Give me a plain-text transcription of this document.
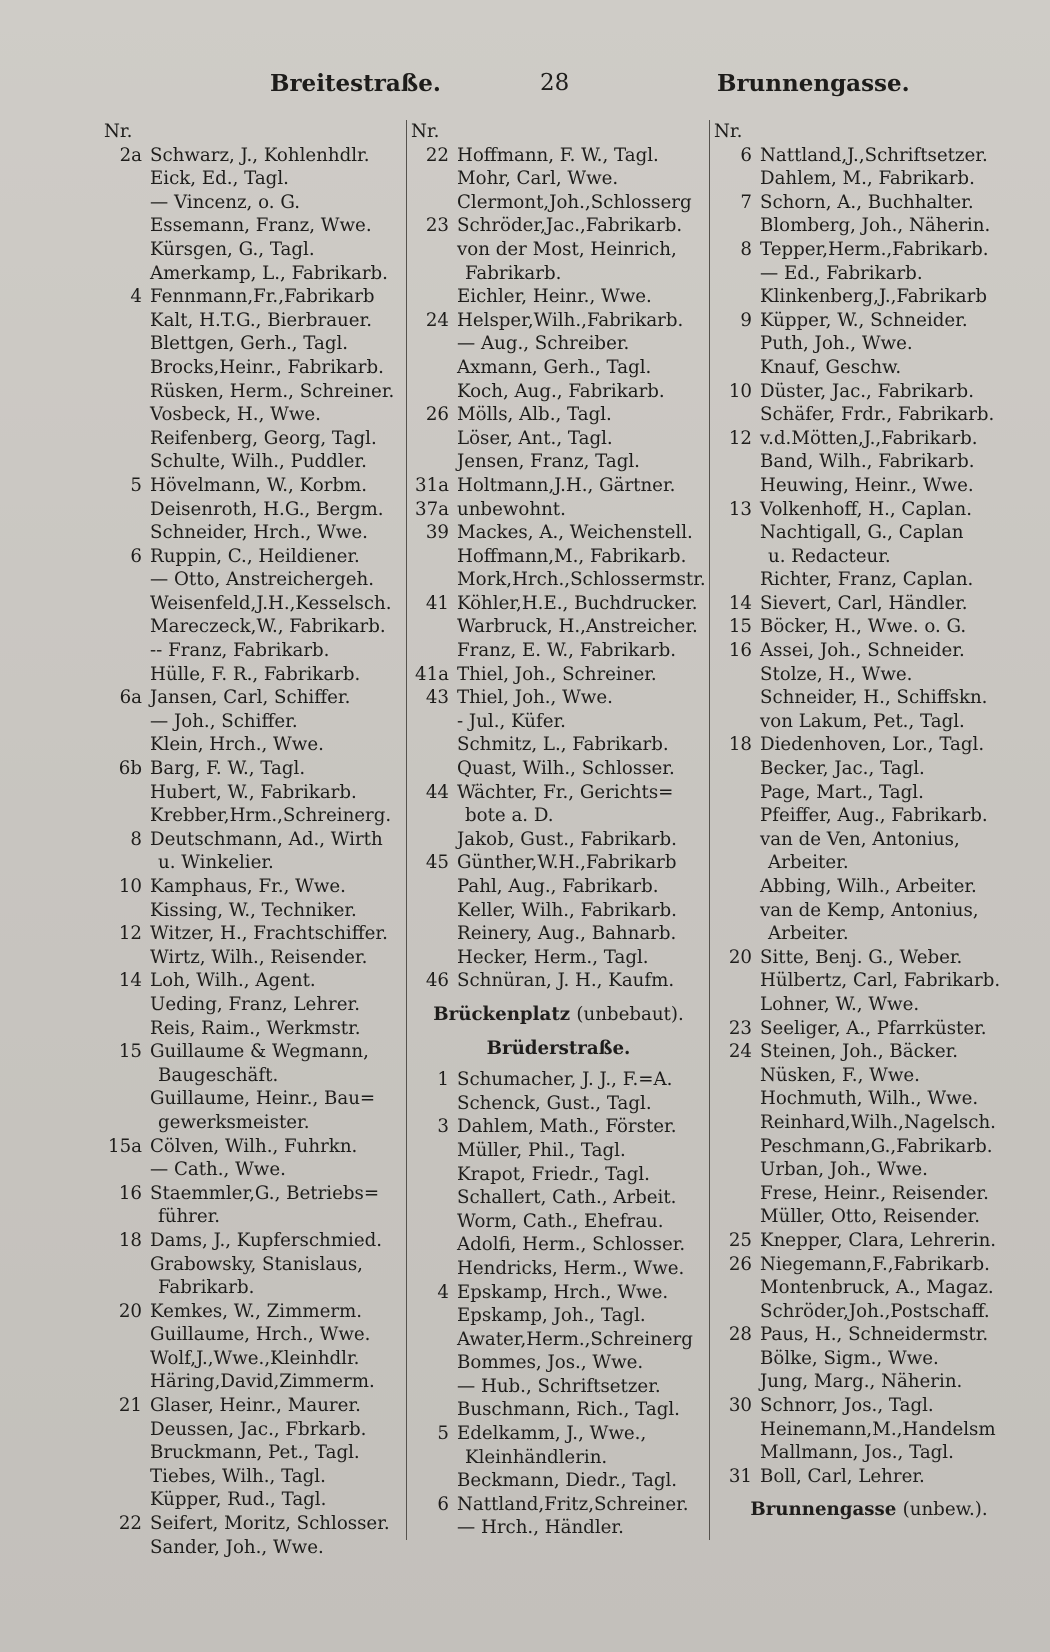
Breitestraße.	28	Brunnengasse.
Nr.
2a Schwarz, J., Kohlenhdlr.
Eick, Ed., Tagl.
— Vincenz, o. G.
Essemann, Franz, Wwe.
Kürsgen, G., Tagl.
Amerkamp, L., Fabrikarb.
4 Fennmann,Fr.,Fabrikarb
Kalt, H.T.G., Bierbrauer.
Blettgen, Gerh., Tagl.
Brocks,Heinr., Fabrikarb.
Rüsken, Herm., Schreiner.
Vosbeck, H., Wwe.
Reifenberg, Georg, Tagl.
Schulte, Wilh., Puddler.
5 Hövelmann, W., Korbm.
Deisenroth, H.G., Bergm.
Schneider, Hrch., Wwe.
6 Ruppin, C., Heildiener.
— Otto, Anstreichergeh.
Weisenfeld,J.H.,Kesselsch.
Mareczeck,W., Fabrikarb.
-- Franz, Fabrikarb.
Hülle, F. R., Fabrikarb.
6a Jansen, Carl, Schiffer.
— Joh., Schiffer.
Klein, Hrch., Wwe.
6b Barg, F. W., Tagl.
Hubert, W., Fabrikarb.
Krebber,Hrm.,Schreinerg.
8 Deutschmann, Ad., Wirth
u. Winkelier.
10 Kamphaus, Fr., Wwe.
Kissing, W., Techniker.
12 Witzer, H., Frachtschiffer.
Wirtz, Wilh., Reisender.
14 Loh, Wilh., Agent.
Ueding, Franz, Lehrer.
Reis, Raim., Werkmstr.
15 Guillaume & Wegmann,
Baugeschäft.
Guillaume, Heinr., Bau=
gewerksmeister.
15a Cölven, Wilh., Fuhrkn.
— Cath., Wwe.
16 Staemmler,G., Betriebs=
führer.
18 Dams, J., Kupferschmied.
Grabowsky, Stanislaus,
Fabrikarb.
20 Kemkes, W., Zimmerm.
Guillaume, Hrch., Wwe.
Wolf,J.,Wwe.,Kleinhdlr.
Häring,David,Zimmerm.
21 Glaser, Heinr., Maurer.
Deussen, Jac., Fbrkarb.
Bruckmann, Pet., Tagl.
Tiebes, Wilh., Tagl.
Küpper, Rud., Tagl.
22 Seifert, Moritz, Schlosser.
Sander, Joh., Wwe.
Nr.
22 Hoffmann, F. W., Tagl.
Mohr, Carl, Wwe.
Clermont,Joh.,Schlosserg
23 Schröder,Jac.,Fabrikarb.
von der Most, Heinrich,
Fabrikarb.
Eichler, Heinr., Wwe.
24 Helsper,Wilh.,Fabrikarb.
— Aug., Schreiber.
Axmann, Gerh., Tagl.
Koch, Aug., Fabrikarb.
26 Mölls, Alb., Tagl.
Löser, Ant., Tagl.
Jensen, Franz, Tagl.
31a Holtmann,J.H., Gärtner.
37a unbewohnt.
39 Mackes, A., Weichenstell.
Hoffmann,M., Fabrikarb.
Mork,Hrch.,Schlossermstr.
41 Köhler,H.E., Buchdrucker.
Warbruck, H.,Anstreicher.
Franz, E. W., Fabrikarb.
41a Thiel, Joh., Schreiner.
43 Thiel, Joh., Wwe.
- Jul., Küfer.
Schmitz, L., Fabrikarb.
Quast, Wilh., Schlosser.
44 Wächter, Fr., Gerichts=
bote a. D.
Jakob, Gust., Fabrikarb.
45 Günther,W.H.,Fabrikarb
Pahl, Aug., Fabrikarb.
Keller, Wilh., Fabrikarb.
Reinery, Aug., Bahnarb.
Hecker, Herm., Tagl.
46 Schnüran, J. H., Kaufm.
Brückenplatz (unbebaut).
Brüderstraße.
1 Schumacher, J. J., F.=A.
Schenck, Gust., Tagl.
3 Dahlem, Math., Förster.
Müller, Phil., Tagl.
Krapot, Friedr., Tagl.
Schallert, Cath., Arbeit.
Worm, Cath., Ehefrau.
Adolfi, Herm., Schlosser.
Hendricks, Herm., Wwe.
4 Epskamp, Hrch., Wwe.
Epskamp, Joh., Tagl.
Awater,Herm.,Schreinerg
Bommes, Jos., Wwe.
— Hub., Schriftsetzer.
Buschmann, Rich., Tagl.
5 Edelkamm, J., Wwe.,
Kleinhändlerin.
Beckmann, Diedr., Tagl.
6 Nattland,Fritz,Schreiner.
— Hrch., Händler.
Nr.
6 Nattland,J.,Schriftsetzer.
Dahlem, M., Fabrikarb.
7 Schorn, A., Buchhalter.
Blomberg, Joh., Näherin.
8 Tepper,Herm.,Fabrikarb.
— Ed., Fabrikarb.
Klinkenberg,J.,Fabrikarb
9 Küpper, W., Schneider.
Puth, Joh., Wwe.
Knauf, Geschw.
10 Düster, Jac., Fabrikarb.
Schäfer, Frdr., Fabrikarb.
12 v.d.Mötten,J.,Fabrikarb.
Band, Wilh., Fabrikarb.
Heuwing, Heinr., Wwe.
13 Volkenhoff, H., Caplan.
Nachtigall, G., Caplan
u. Redacteur.
Richter, Franz, Caplan.
14 Sievert, Carl, Händler.
15 Böcker, H., Wwe. o. G.
16 Assei, Joh., Schneider.
Stolze, H., Wwe.
Schneider, H., Schiffskn.
von Lakum, Pet., Tagl.
18 Diedenhoven, Lor., Tagl.
Becker, Jac., Tagl.
Page, Mart., Tagl.
Pfeiffer, Aug., Fabrikarb.
van de Ven, Antonius,
Arbeiter.
Abbing, Wilh., Arbeiter.
van de Kemp, Antonius,
Arbeiter.
20 Sitte, Benj. G., Weber.
Hülbertz, Carl, Fabrikarb.
Lohner, W., Wwe.
23 Seeliger, A., Pfarrküster.
24 Steinen, Joh., Bäcker.
Nüsken, F., Wwe.
Hochmuth, Wilh., Wwe.
Reinhard,Wilh.,Nagelsch.
Peschmann,G.,Fabrikarb.
Urban, Joh., Wwe.
Frese, Heinr., Reisender.
Müller, Otto, Reisender.
25 Knepper, Clara, Lehrerin.
26 Niegemann,F.,Fabrikarb.
Montenbruck, A., Magaz.
Schröder,Joh.,Postschaff.
28 Paus, H., Schneidermstr.
Bölke, Sigm., Wwe.
Jung, Marg., Näherin.
30 Schnorr, Jos., Tagl.
Heinemann,M.,Handelsm
Mallmann, Jos., Tagl.
31 Boll, Carl, Lehrer.
Brunnengasse (unbew.).
